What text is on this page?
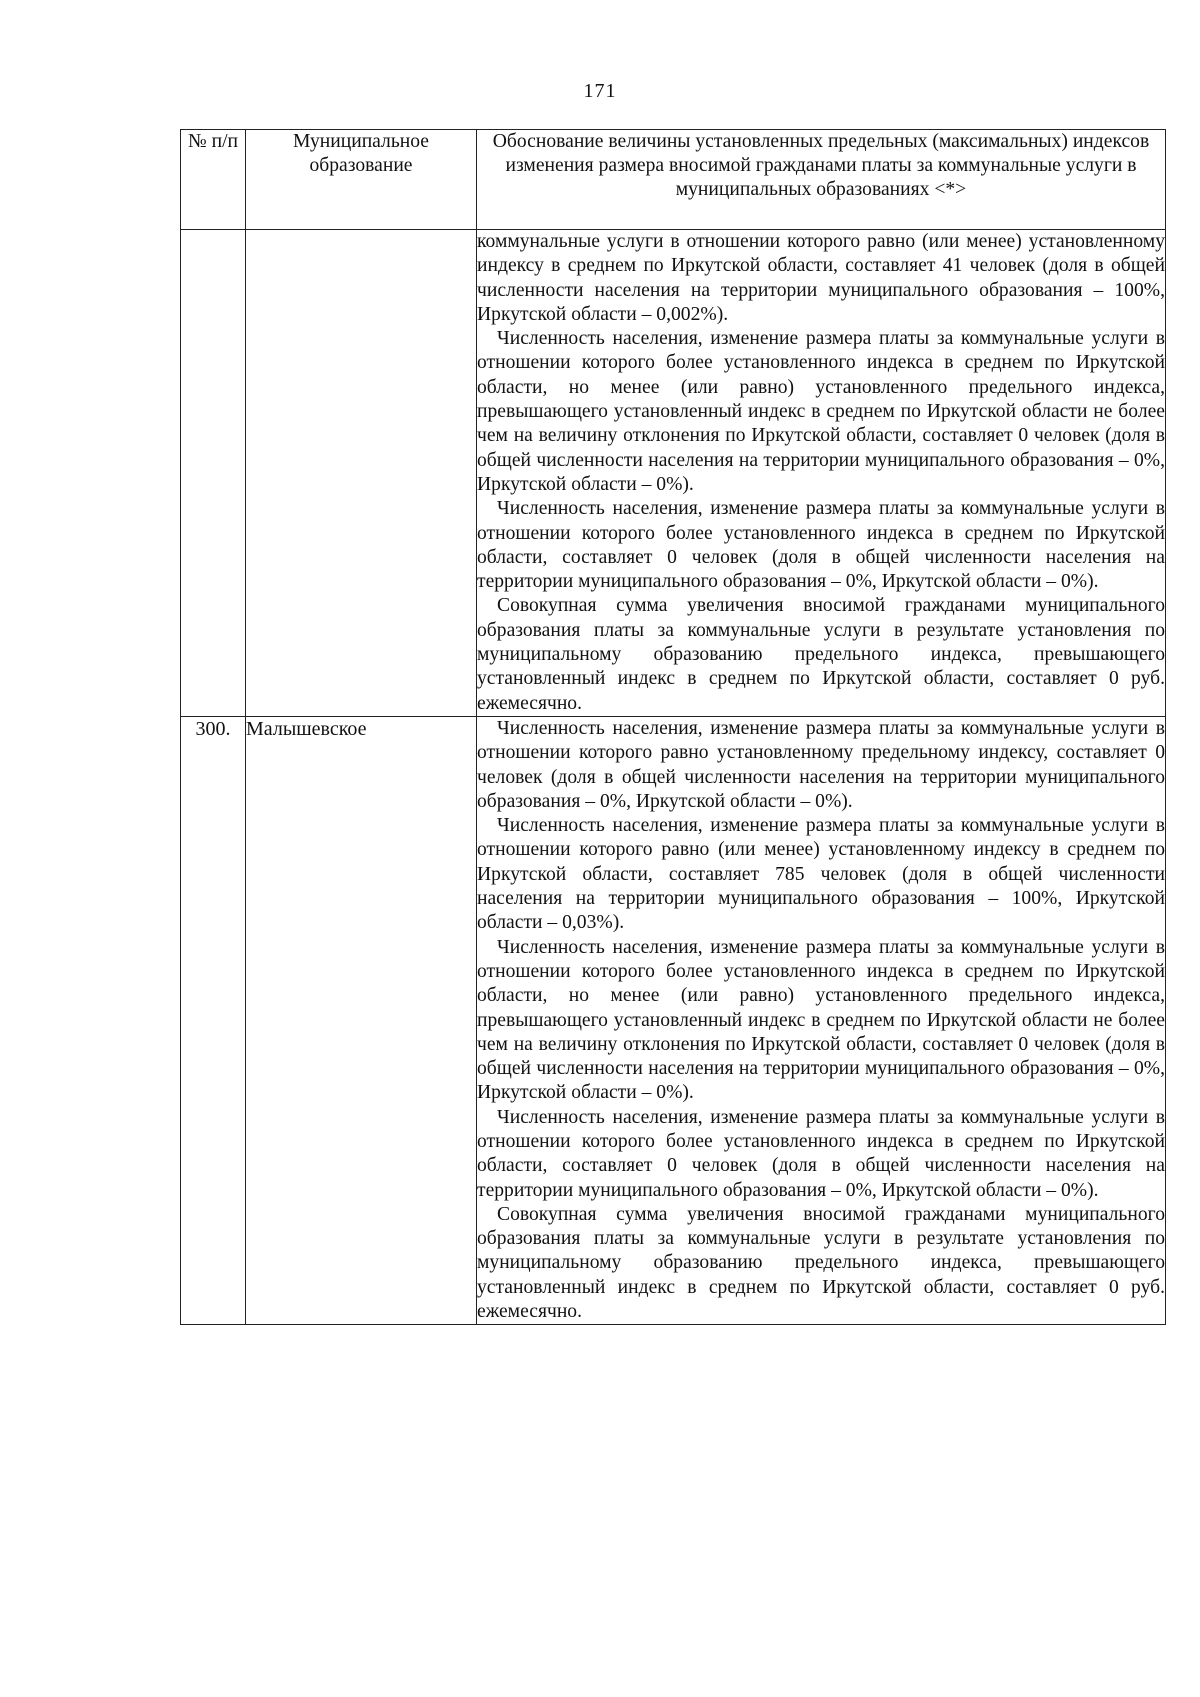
171
№ п/п	Муниципальное образование	Обоснование величины установленных предельных (максимальных) индексов изменения размера вносимой гражданами платы за коммунальные услуги в муниципальных образованиях <*>

		коммунальные услуги в отношении которого равно (или менее) установленному индексу в среднем по Иркутской области, составляет 41 человек (доля в общей численности населения на территории муниципального образования – 100%, Иркутской области – 0,002%).

Численность населения, изменение размера платы за коммунальные услуги в отношении которого более установленного индекса в среднем по Иркутской области, но менее (или равно) установленного предельного индекса, превышающего установленный индекс в среднем по Иркутской области не более чем на величину отклонения по Иркутской области, составляет 0 человек (доля в общей численности населения на территории муниципального образования – 0%, Иркутской области – 0%).

Численность населения, изменение размера платы за коммунальные услуги в отношении которого более установленного индекса в среднем по Иркутской области, составляет 0 человек (доля в общей численности населения на территории муниципального образования – 0%, Иркутской области – 0%).

Совокупная сумма увеличения вносимой гражданами муниципального образования платы за коммунальные услуги в результате установления по муниципальному образованию предельного индекса, превышающего установленный индекс в среднем по Иркутской области, составляет 0 руб. ежемесячно.

300.	Малышевское	Численность населения, изменение размера платы за коммунальные услуги в отношении которого равно установленному предельному индексу, составляет 0 человек (доля в общей численности населения на территории муниципального образования – 0%, Иркутской области – 0%).

Численность населения, изменение размера платы за коммунальные услуги в отношении которого равно (или менее) установленному индексу в среднем по Иркутской области, составляет 785 человек (доля в общей численности населения на территории муниципального образования – 100%, Иркутской области – 0,03%).

Численность населения, изменение размера платы за коммунальные услуги в отношении которого более установленного индекса в среднем по Иркутской области, но менее (или равно) установленного предельного индекса, превышающего установленный индекс в среднем по Иркутской области не более чем на величину отклонения по Иркутской области, составляет 0 человек (доля в общей численности населения на территории муниципального образования – 0%, Иркутской области – 0%).

Численность населения, изменение размера платы за коммунальные услуги в отношении которого более установленного индекса в среднем по Иркутской области, составляет 0 человек (доля в общей численности населения на территории муниципального образования – 0%, Иркутской области – 0%).

Совокупная сумма увеличения вносимой гражданами муниципального образования платы за коммунальные услуги в результате установления по муниципальному образованию предельного индекса, превышающего установленный индекс в среднем по Иркутской области, составляет 0 руб. ежемесячно.
